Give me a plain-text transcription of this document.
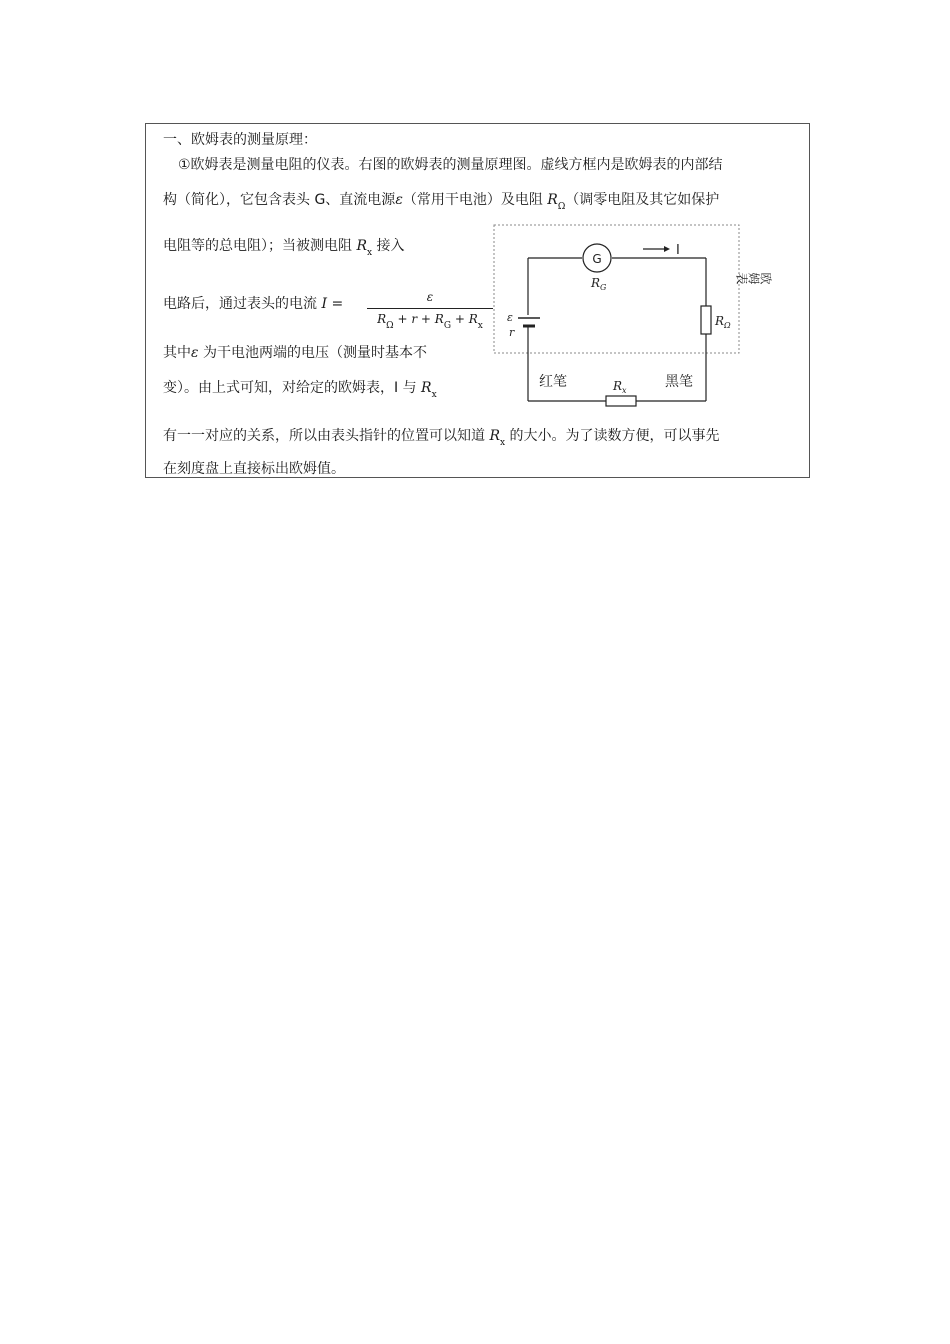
一、欧姆表的测量原理：
①欧姆表是测量电阻的仪表。右图的欧姆表的测量原理图。虚线方框内是欧姆表的内部结
构（简化），它包含表头 G、直流电源ε（常用干电池）及电阻 $R_\Omega$（调零电阻及其它如保护
电阻等的总电阻）；当被测电阻 $R_x$ 接入
电路后，通过表头的电流 I =	ε
$R_\Omega + r + R_G + R_x$
其中ε 为干电池两端的电压（测量时基本不
变）。由上式可知，对给定的欧姆表，I 与 $R_x$
有一一对应的关系，所以由表头指针的位置可以知道 $R_x$ 的大小。为了读数方便，可以事先
在刻度盘上直接标出欧姆值。
G
$R_G$
I
ε
r
$R_\Omega$
欧姆表
$R_x$
红笔	黑笔
